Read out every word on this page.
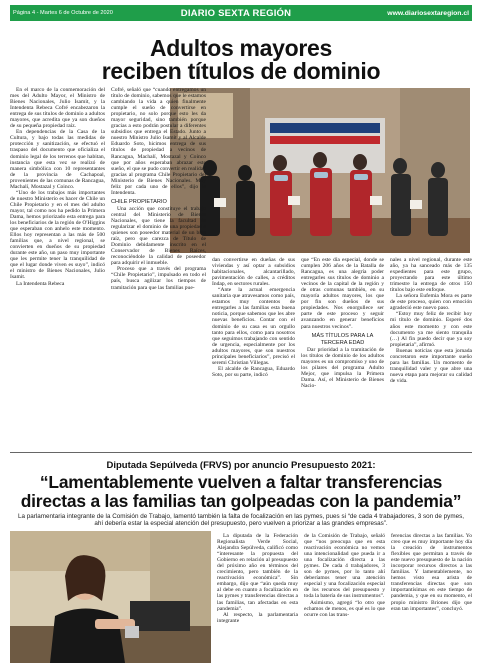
Página 4 - Martes 6 de Octubre de 2020	DIARIO SEXTA REGIÓN	www.diariosextaregion.cl
Adultos mayores
reciben títulos de dominio

En el marco de la conmemoración del mes del Adulto Mayor, el Ministro de Bienes Nacionales, Julio Isamit, y la Intendenta Rebeca Cofré encabezaron la entrega de sus títulos de dominio a adultos mayores, que acredita que ya son dueños de su pequeña propiedad raíz.

En dependencias de la Casa de la Cultura, y bajo todas las medidas de protección y sanitización, se efectuó el traspaso del documento que oficializa el dominio legal de los terrenos que habitan, instancia que esta vez se realizó de manera simbólica con 10 representantes de la provincia de Cachapoal, provenientes de las comunas de Rancagua, Machalí, Mostazal y Coinco.

“Uno de los trabajos más importantes de nuestro Ministerio es hacer de Chile un Chile Propietario y en el mes del adulto mayor, tal como nos ha pedido la Primera Dama, hemos priorizado esta entrega para los beneficiarios de la región de O'Higgins que esperaban con anhelo este momento. Ellos hoy representan a las más de 500 familias que, a nivel regional, se convierten en dueños de su propiedad durante este año, un paso muy importante que les permite tener la tranquilidad de que el lugar donde viven es suyo”, indicó el ministro de Bienes Nacionales, Julio Isamit.

La Intendenta Rebeca

Cofré, señaló que “cuando entregamos un título de dominio, sabemos que le estamos cambiando la vida a quien finalmente cumple el sueño de convertirse en propietario, no solo porque esto les da mayor seguridad, sino también porque gracias a esto podrán postular a diferentes subsidios que entrega el Estado. Junto a nuestro Ministro Julio Isamit y al Alcalde Eduardo Soto, hicimos entrega de sus títulos de propiedad a vecinos de Rancagua, Machalí, Mostazal y Coinco que por años esperaban abrazar este sueño, el que se pudo convertir en realidad gracias al programa Chile Propietario del Ministerio de Bienes Nacionales. Muy feliz por cada uno de ellos”, dijo la Intendenta.

CHILE PROPIETARIO

Una acción que constituye el trabajo central del Ministerio de Bienes Nacionales, que tiene la facultad de regularizar el dominio de una propiedad a quienes son poseedor material de un bien raíz, pero que carezca de Título de Dominio debidamente inscrito en el Conservador de Bienes Raíces, reconociéndole la calidad de poseedor para adquirir el inmueble.

Proceso que a través del programa “Chile Propietario”, impulsado en todo el país, busca agilizar los tiempos de tramitación para que las familias pue-

dan convertirse en dueñas de sus viviendas y así optar a subsidios habitacionales, alcantarillado, pavimentación de calles, a créditos Indap, en sectores rurales.

“Ante la actual emergencia sanitaria que atravesamos como país, estamos muy contentos de entregarles a las familias esta buena noticia, porque sabemos que les abre nuevas beneficios. Contar con el dominio de su casa es un orgullo tanto para ellos, como para nosotros que seguimos trabajando con sentido de urgencia, especialmente por los adultos mayores, que son nuestros principales beneficiarios”, precisó el seremi Christian Villegas.

El alcalde de Rancagua, Eduardo Soto, por su parte, indicó

que “En este día especial, donde se cumplen 206 años de la Batalla de Rancagua, es una alegría poder entregarles sus títulos de dominio a vecinos de la capital de la región y de otras comunas también, en su mayoría adultos mayores, los que por fin son dueños de sus propiedades. Nos enorgullece ser parte de este proceso y seguir avanzando en generar beneficios para nuestros vecinos”.

MÁS TÍTULOS PARA LA

TERCERA EDAD

Dar prioridad a la tramitación de los títulos de dominio de los adultos mayores es un compromiso y uno de los pilares del programa Adulto Mejor, que impulsa la Primera Dama. Así, el Ministerio de Bienes Nacio-

nales a nivel regional, durante este año, ya ha sanceado más de 135 expedientes para este grupo, proyectando para este último trimestre la entrega de otros 150 títulos bajo este enfoque.

La señora Eufemia Mora es parte de este proceso, quien con emoción agradeció este nuevo paso.

“Estoy muy feliz de recibir hoy mi título de dominio. Esperé dos años este momento y con este documento ya me siento tranquila (…) Al fin puedo decir que ya soy propietaria”, afirmó.

Buenas noticias que esta jornada concretaron este importante sueño para las familias. Un momento de tranquilidad valer y que abre una nueva etapa para mejorar su calidad de vida.

Diputada Sepúlveda (FRVS) por anuncio Presupuesto 2021:
“Lamentablemente vuelven a faltar transferencias
directas a las familias tan golpeadas con la pandemia”
La parlamentaria integrante de la Comisión de Trabajo, lamentó también la falta de focalización en las pymes, pues si “de cada 4 trabajadores, 3 son de pymes,
ahí debería estar la especial atención del presupuesto, pero vuelven a priorizar a las grandes empresas”.

La diputada de la Federación Regionalista Verde Social, Alejandra Sepúlveda, calificó como “interesante la propuesta del Gobierno en relación al presupuesto del próximo año en términos del crecimiento, pero también de la reactivación económica”. Sin embargo, dijo que “aún queda muy al debe en cuanto a focalización en las pymes y transferencias directas a las familias, tan afectadas en esta pandemia”.

Al respecto, la parlamentaria integrante

de la Comisión de Trabajo, señaló que “nos preocupa que en esta reactivación económica no vemos una intencionalidad que pueda ir a una focalización directa a las pymes. De cada 4 trabajadores, 3 son de pymes, por lo tanto ahí deberíamos tener una atención especial y una focalización especial de los recursos del presupuesto y toda la batería de sus instrumentos”.

Asimismo, agregó “lo otro que echamos de menos, es qué es lo que ocurre con las trans-

ferencias directas a las familias. Yo creo que es muy importante hoy día la creación de instrumentos flexibles que permitan a través de este nuevo presupuesto de la nación incorporar recursos directos a las familias. Y lamentablemente, no hemos visto esa arista de transferencias directas que son importantísimas en este tiempo de pandemia, y que en su momento, el propio ministro Briones dijo que eran tan importantes”, concluyó.
